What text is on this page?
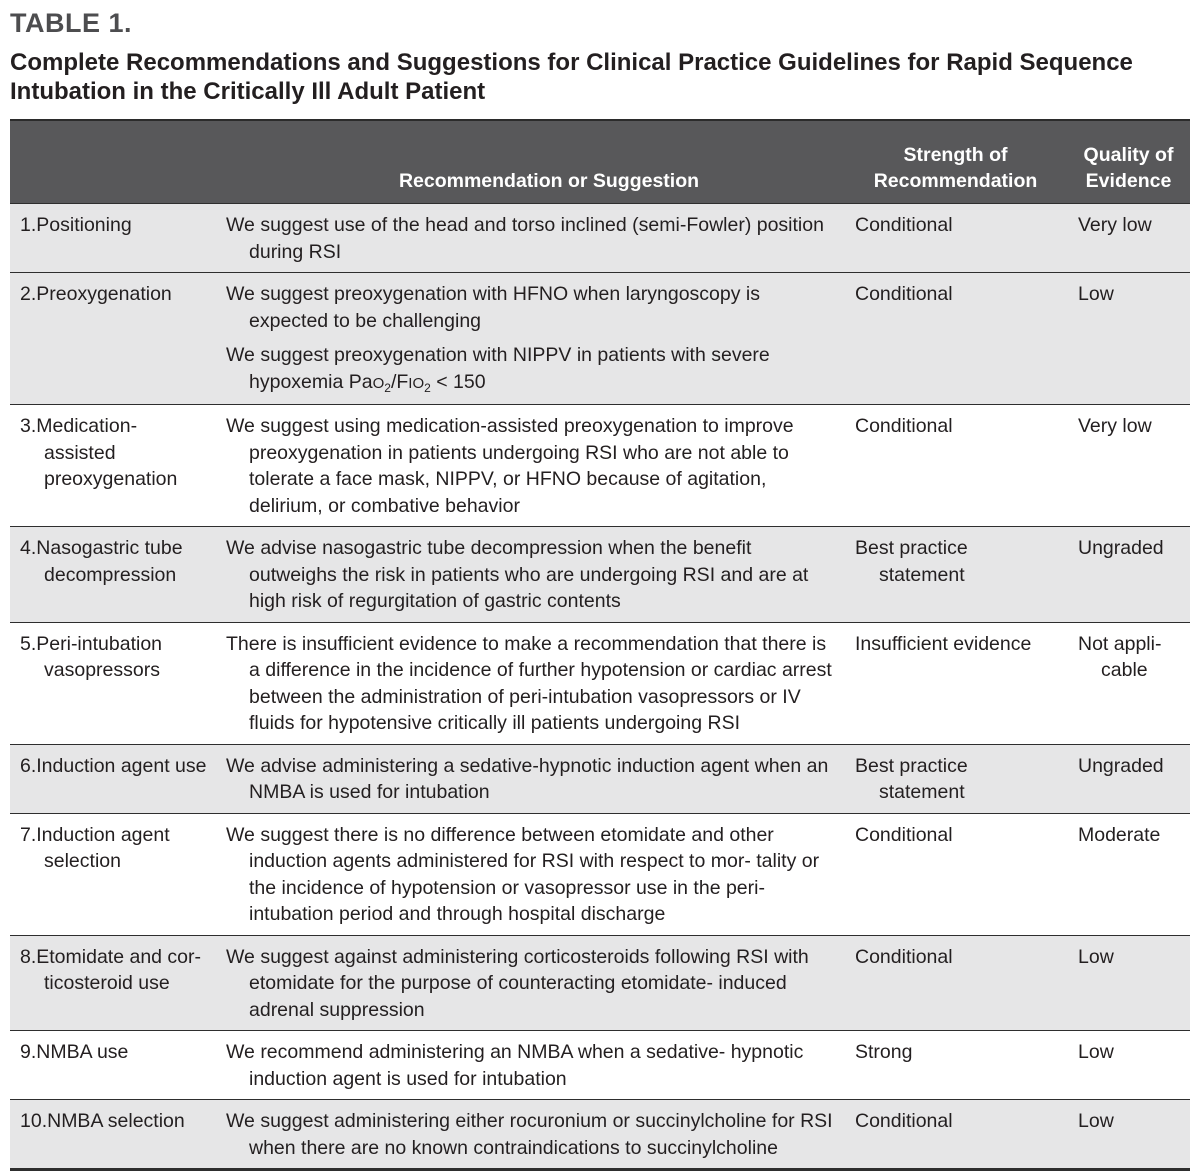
TABLE 1.
Complete Recommendations and Suggestions for Clinical Practice Guidelines for Rapid Sequence Intubation in the Critically Ill Adult Patient
	Recommendation or Suggestion	Strength of Recommendation	Quality of Evidence

1.Positioning	We suggest use of the head and torso inclined (semi-Fowler) position during RSI	Conditional	Very low

2.Preoxygenation	We suggest preoxygenation with HFNO when laryngoscopy is expected to be challenging
We suggest preoxygenation with NIPPV in patients with severe hypoxemia $PaO_2/FIO_2 < 150$	Conditional	Low

3.Medication-assisted preoxygenation	We suggest using medication-assisted preoxygenation to improve preoxygenation in patients undergoing RSI who are not able to tolerate a face mask, NIPPV, or HFNO because of agitation, delirium, or combative behavior	Conditional	Very low

4.Nasogastric tube decompression	We advise nasogastric tube decompression when the benefit outweighs the risk in patients who are undergoing RSI and are at high risk of regurgitation of gastric contents	Best practice statement	Ungraded

5.Peri-intubation vasopressors	There is insufficient evidence to make a recommendation that there is a difference in the incidence of further hypotension or cardiac arrest between the administration of peri-intubation vasopressors or IV fluids for hypotensive critically ill patients undergoing RSI	Insufficient evidence	Not appli- cable

6.Induction agent use	We advise administering a sedative-hypnotic induction agent when an NMBA is used for intubation	Best practice statement	Ungraded

7.Induction agent selection	We suggest there is no difference between etomidate and other induction agents administered for RSI with respect to mor- tality or the incidence of hypotension or vasopressor use in the peri-intubation period and through hospital discharge	Conditional	Moderate

8.Etomidate and cor- ticosteroid use	We suggest against administering corticosteroids following RSI with etomidate for the purpose of counteracting etomidate- induced adrenal suppression	Conditional	Low

9.NMBA use	We recommend administering an NMBA when a sedative- hypnotic induction agent is used for intubation	Strong	Low

10.NMBA selection	We suggest administering either rocuronium or succinylcholine for RSI when there are no known contraindications to succinylcholine	Conditional	Low
